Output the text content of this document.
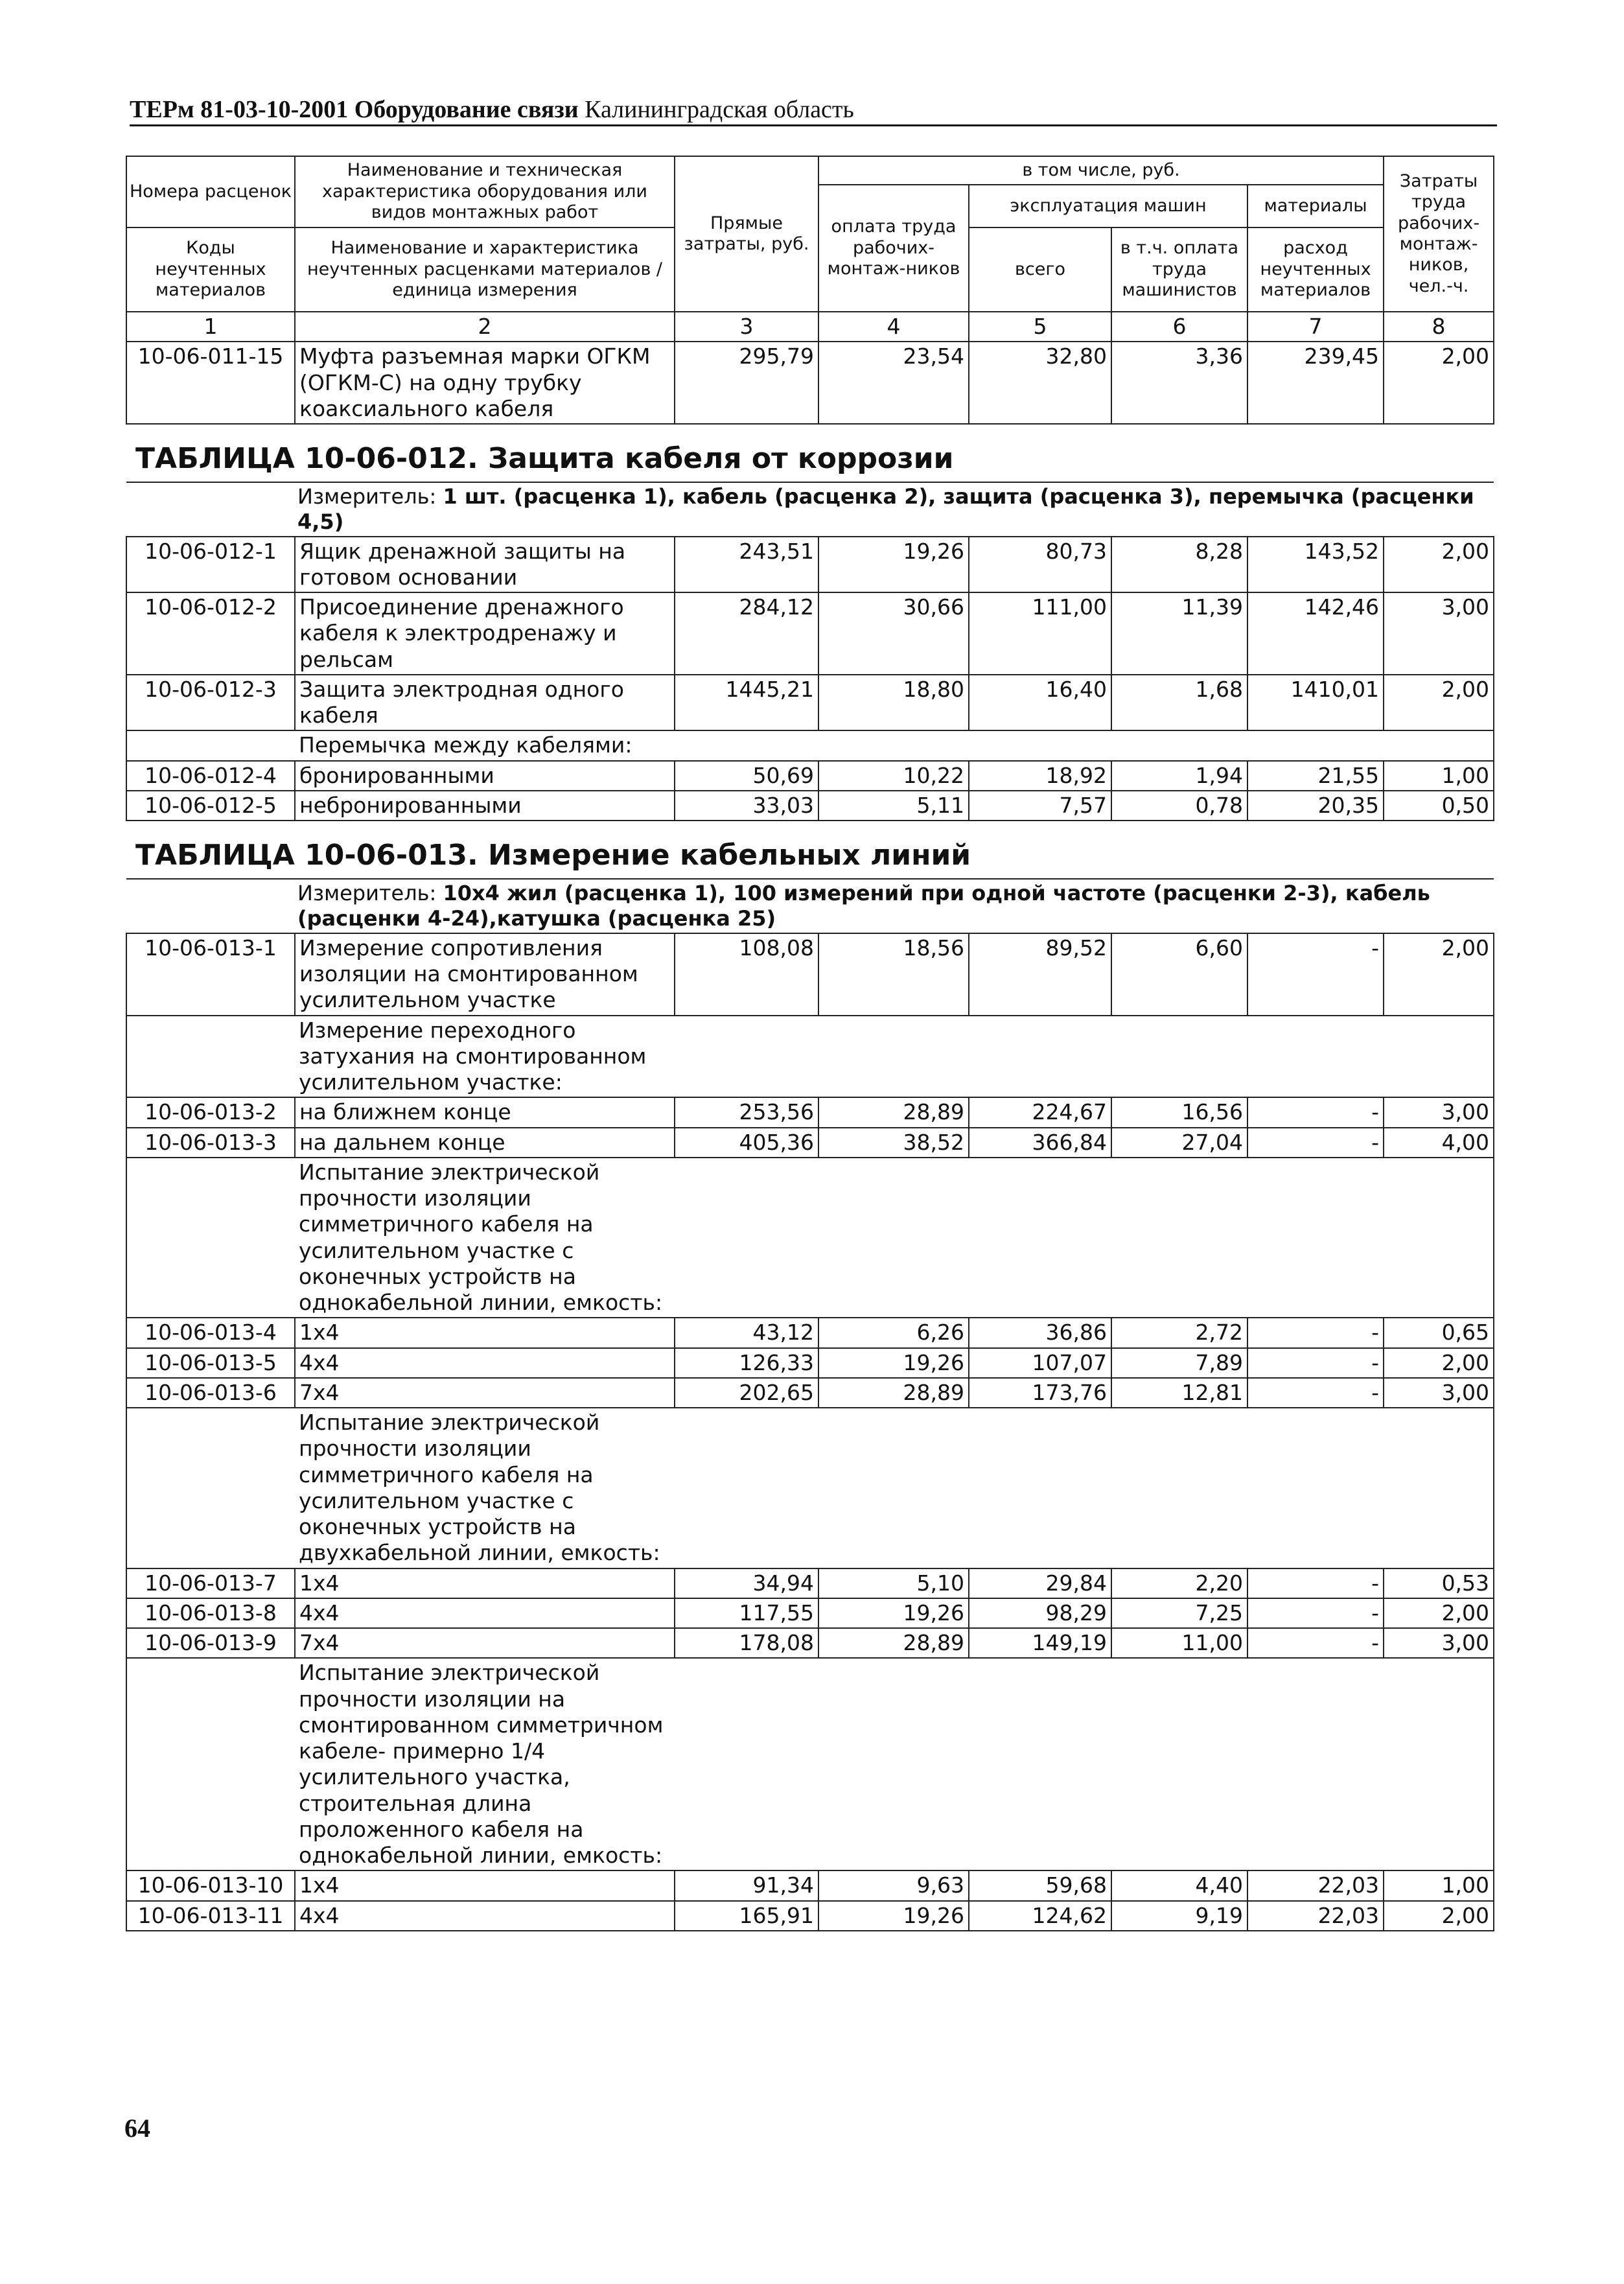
ТЕРм 81-03-10-2001 Оборудование связи Калининградская область
Номера расценок	Наименование и техническая характеристика оборудования или видов монтажных работ	Прямые затраты, руб.	в том числе, руб.				Затраты труда рабочих-монтаж-ников, чел.-ч.
			оплата труда рабочих-монтаж-ников	эксплуатация машин		материалы	
Коды неучтенных материалов	Наименование и характеристика неучтенных расценками материалов / единица измерения			всего	в т.ч. оплата труда машинистов	расход неучтенных материалов	

1	2	3	4	5	6	7	8
10-06-011-15	Муфта разъемная марки ОГКМ (ОГКМ-С) на одну трубку коаксиального кабеля	295,79	23,54	32,80	3,36	239,45	2,00
ТАБЛИЦА 10-06-012. Защита кабеля от коррозии							
Измеритель: 1 шт. (расценка 1), кабель (расценка 2), защита (расценка 3), перемычка (расценки 4,5)							
10-06-012-1	Ящик дренажной защиты на готовом основании	243,51	19,26	80,73	8,28	143,52	2,00
10-06-012-2	Присоединение дренажного кабеля к электродренажу и рельсам	284,12	30,66	111,00	11,39	142,46	3,00
10-06-012-3	Защита электродная одного кабеля	1445,21	18,80	16,40	1,68	1410,01	2,00

	Перемычка между кабелями:						

10-06-012-4	бронированными	50,69	10,22	18,92	1,94	21,55	1,00
10-06-012-5	небронированными	33,03	5,11	7,57	0,78	20,35	0,50
ТАБЛИЦА 10-06-013. Измерение кабельных линий							
Измеритель: 10х4 жил (расценка 1), 100 измерений при одной частоте (расценки 2-3), кабель (расценки 4-24),катушка (расценка 25)							
10-06-013-1	Измерение сопротивления изоляции на смонтированном усилительном участке	108,08	18,56	89,52	6,60	-	2,00

	Измерение переходного затухания на смонтированном усилительном участке:						

10-06-013-2	на ближнем конце	253,56	28,89	224,67	16,56	-	3,00
10-06-013-3	на дальнем конце	405,36	38,52	366,84	27,04	-	4,00

	Испытание электрической прочности изоляции симметричного кабеля на усилительном участке с оконечных устройств на однокабельной линии, емкость:						

10-06-013-4	1х4	43,12	6,26	36,86	2,72	-	0,65
10-06-013-5	4х4	126,33	19,26	107,07	7,89	-	2,00
10-06-013-6	7х4	202,65	28,89	173,76	12,81	-	3,00

	Испытание электрической прочности изоляции симметричного кабеля на усилительном участке с оконечных устройств на двухкабельной линии, емкость:						

10-06-013-7	1х4	34,94	5,10	29,84	2,20	-	0,53
10-06-013-8	4х4	117,55	19,26	98,29	7,25	-	2,00
10-06-013-9	7х4	178,08	28,89	149,19	11,00	-	3,00

	Испытание электрической прочности изоляции на смонтированном симметричном кабеле- примерно 1/4 усилительного участка, строительная длина проложенного кабеля на однокабельной линии, емкость:						

10-06-013-10	1х4	91,34	9,63	59,68	4,40	22,03	1,00
10-06-013-11	4х4	165,91	19,26	124,62	9,19	22,03	2,00
64
